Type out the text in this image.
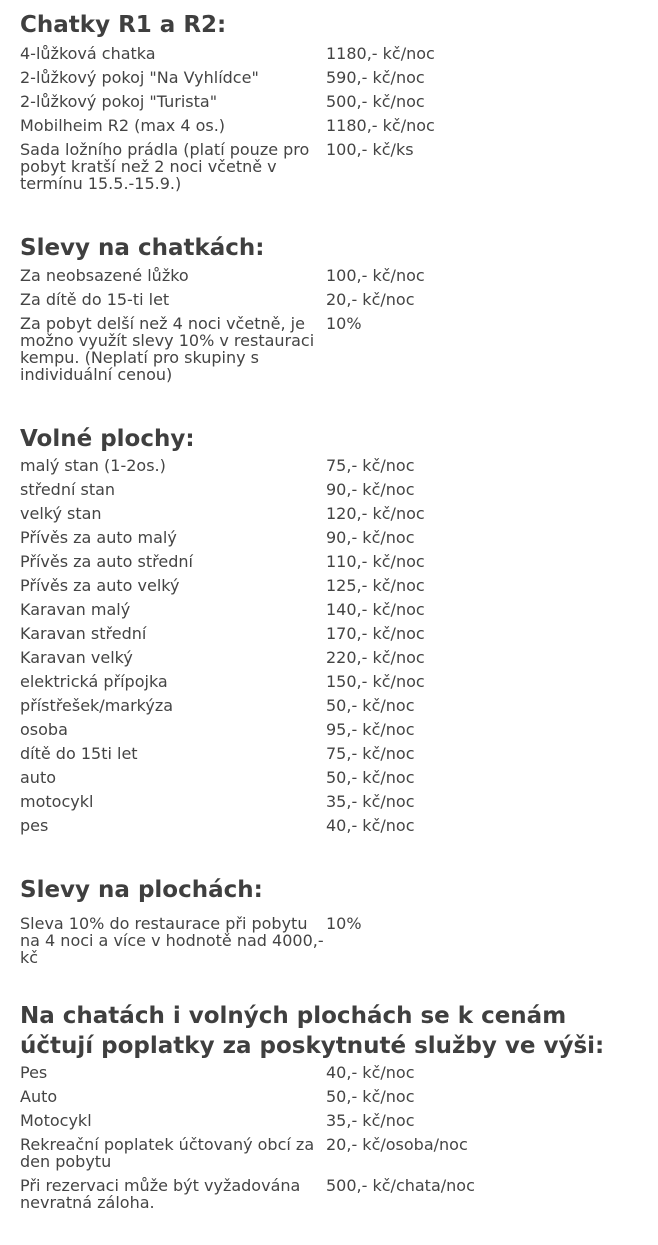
Chatky R1 a R2:
4-lůžková chatka	1180,- kč/noc
2-lůžkový pokoj "Na Vyhlídce"	590,- kč/noc
2-lůžkový pokoj "Turista"	500,- kč/noc
Mobilheim R2 (max 4 os.)	1180,- kč/noc
Sada ložního prádla (platí pouze pro pobyt kratší než 2 noci včetně v termínu 15.5.-15.9.)	100,- kč/ks
Slevy na chatkách:
Za neobsazené lůžko	100,- kč/noc
Za dítě do 15-ti let	20,- kč/noc
Za pobyt delší než 4 noci včetně, je možno využít slevy 10% v restauraci kempu. (Neplatí pro skupiny s individuální cenou)	10%
Volné plochy:
malý stan (1-2os.)	75,- kč/noc
střední stan	90,- kč/noc
velký stan	120,- kč/noc
Přívěs za auto malý	90,- kč/noc
Přívěs za auto střední	110,- kč/noc
Přívěs za auto velký	125,- kč/noc
Karavan malý	140,- kč/noc
Karavan střední	170,- kč/noc
Karavan velký	220,- kč/noc
elektrická přípojka	150,- kč/noc
přístřešek/markýza	50,- kč/noc
osoba	95,- kč/noc
dítě do 15ti let	75,- kč/noc
auto	50,- kč/noc
motocykl	35,- kč/noc
pes	40,- kč/noc
Slevy na plochách:
Sleva 10% do restaurace při pobytu na 4 noci a více v hodnotě nad 4000,- kč	10%
Na chatách i volných plochách se k cenám účtují poplatky za poskytnuté služby ve výši:
Pes	40,- kč/noc
Auto	50,- kč/noc
Motocykl	35,- kč/noc
Rekreační poplatek účtovaný obcí za den pobytu	20,- kč/osoba/noc
Při rezervaci může být vyžadována nevratná záloha.	500,- kč/chata/noc
